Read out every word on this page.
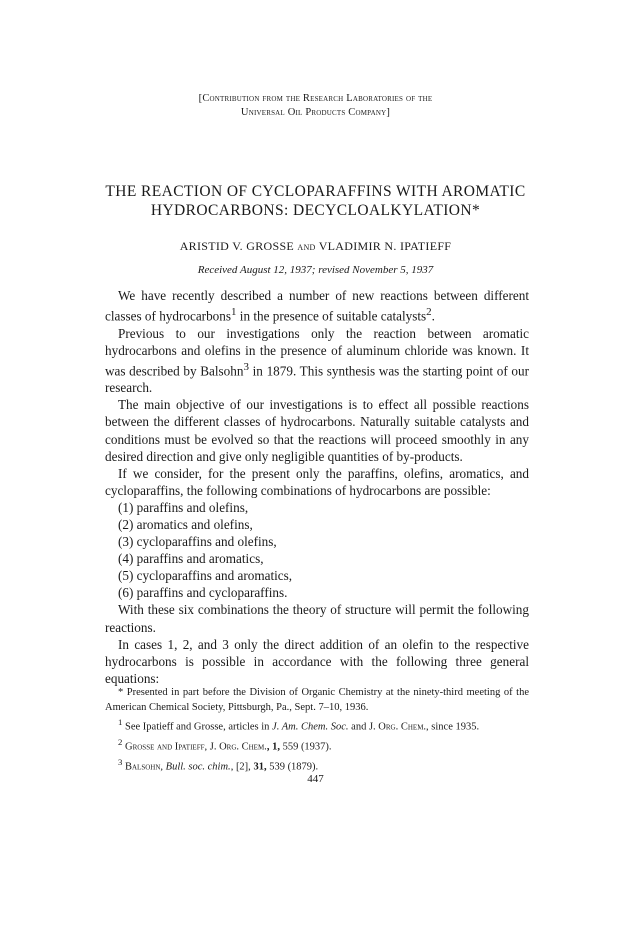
[Contribution from the Research Laboratories of the
Universal Oil Products Company]
THE REACTION OF CYCLOPARAFFINS WITH AROMATIC
HYDROCARBONS: DECYCLOALKYLATION*
ARISTID V. GROSSE and VLADIMIR N. IPATIEFF
Received August 12, 1937; revised November 5, 1937

We have recently described a number of new reactions between different classes of hydrocarbons$^1$ in the presence of suitable catalysts$^2$.

Previous to our investigations only the reaction between aromatic hydrocarbons and olefins in the presence of aluminum chloride was known. It was described by Balsohn$^3$ in 1879. This synthesis was the starting point of our research.

The main objective of our investigations is to effect all possible reactions between the different classes of hydrocarbons. Naturally suitable catalysts and conditions must be evolved so that the reactions will proceed smoothly in any desired direction and give only negligible quantities of by-products.

If we consider, for the present only the paraffins, olefins, aromatics, and cycloparaffins, the following combinations of hydrocarbons are possible:

(1) paraffins and olefins,
(2) aromatics and olefins,
(3) cycloparaffins and olefins,
(4) paraffins and aromatics,
(5) cycloparaffins and aromatics,
(6) paraffins and cycloparaffins.

With these six combinations the theory of structure will permit the following reactions.

In cases 1, 2, and 3 only the direct addition of an olefin to the respective hydrocarbons is possible in accordance with the following three general equations:

* Presented in part before the Division of Organic Chemistry at the ninety-third meeting of the American Chemical Society, Pittsburgh, Pa., Sept. 7–10, 1936.

$^1$ See Ipatieff and Grosse, articles in J. Am. Chem. Soc. and J. Org. Chem., since 1935.

$^2$ Grosse and Ipatieff, J. Org. Chem., 1, 559 (1937).

$^3$ Balsohn, Bull. soc. chim., [2], 31, 539 (1879).

447
